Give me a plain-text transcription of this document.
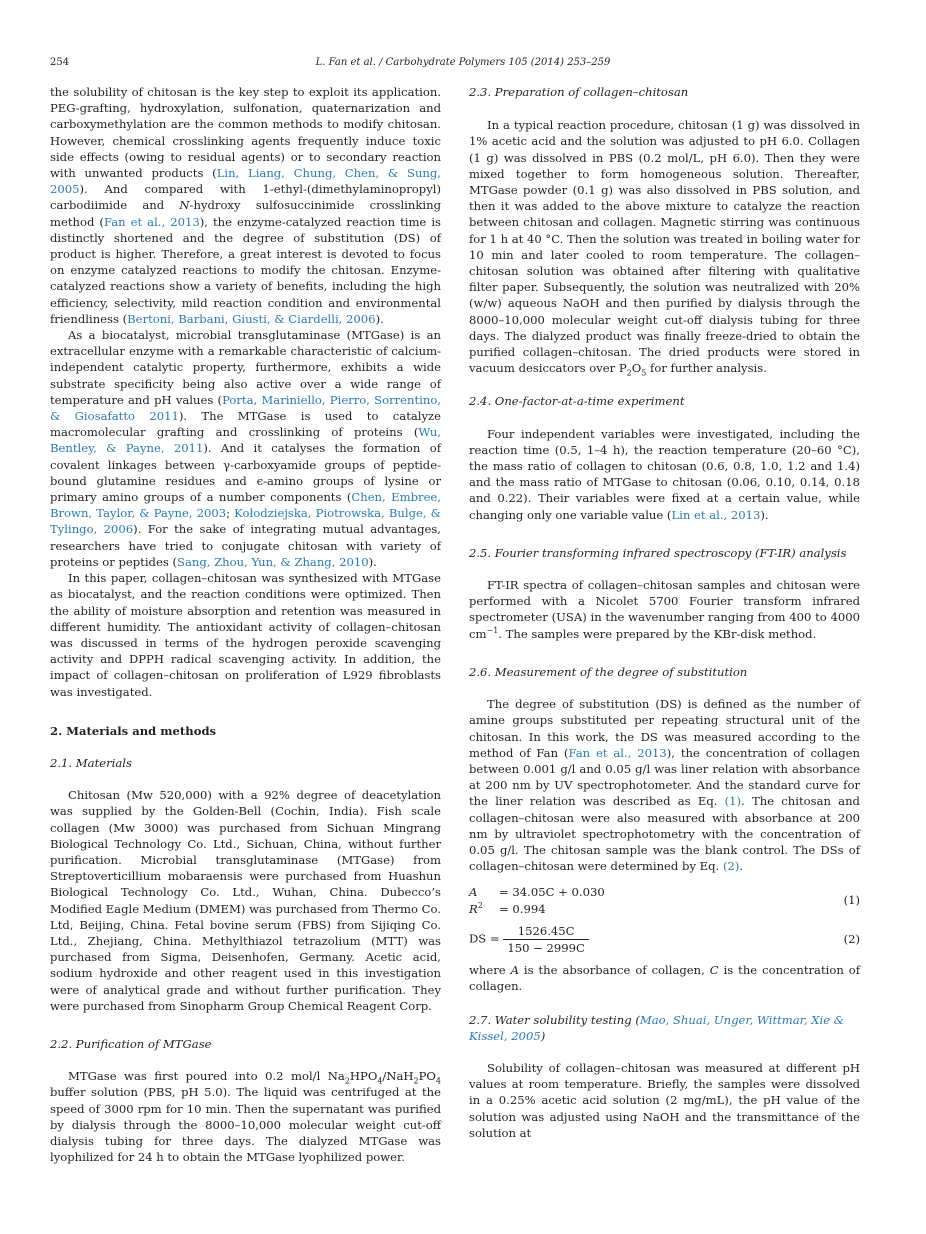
254	L. Fan et al. / Carbohydrate Polymers 105 (2014) 253–259

the solubility of chitosan is the key step to exploit its application. PEG-grafting, hydroxylation, sulfonation, quaternarization and carboxymethylation are the common methods to modify chitosan. However, chemical crosslinking agents frequently induce toxic side effects (owing to residual agents) or to secondary reaction with unwanted products (Lin, Liang, Chung, Chen, & Sung, 2005). And compared with 1-ethyl-(dimethylaminopropyl) carbodiimide and N-hydroxy sulfosuccinimide crosslinking method (Fan et al., 2013), the enzyme-catalyzed reaction time is distinctly shortened and the degree of substitution (DS) of product is higher. Therefore, a great interest is devoted to focus on enzyme catalyzed reactions to modify the chitosan. Enzyme-catalyzed reactions show a variety of benefits, including the high efficiency, selectivity, mild reaction condition and environmental friendliness (Bertoni, Barbani, Giusti, & Ciardelli, 2006).

As a biocatalyst, microbial transglutaminase (MTGase) is an extracellular enzyme with a remarkable characteristic of calcium-independent catalytic property, furthermore, exhibits a wide substrate specificity being also active over a wide range of temperature and pH values (Porta, Mariniello, Pierro, Sorrentino, & Giosafatto 2011). The MTGase is used to catalyze macromolecular grafting and crosslinking of proteins (Wu, Bentley, & Payne, 2011). And it catalyses the formation of covalent linkages between γ-carboxyamide groups of peptide-bound glutamine residues and ϵ-amino groups of lysine or primary amino groups of a number components (Chen, Embree, Brown, Taylor, & Payne, 2003; Kołodziejska, Piotrowska, Bulge, & Tylingo, 2006). For the sake of integrating mutual advantages, researchers have tried to conjugate chitosan with variety of proteins or peptides (Sang, Zhou, Yun, & Zhang, 2010).

In this paper, collagen–chitosan was synthesized with MTGase as biocatalyst, and the reaction conditions were optimized. Then the ability of moisture absorption and retention was measured in different humidity. The antioxidant activity of collagen–chitosan was discussed in terms of the hydrogen peroxide scavenging activity and DPPH radical scavenging activity. In addition, the impact of collagen–chitosan on proliferation of L929 fibroblasts was investigated.

2. Materials and methods
2.1. Materials

Chitosan (Mw 520,000) with a 92% degree of deacetylation was supplied by the Golden-Bell (Cochin, India). Fish scale collagen (Mw 3000) was purchased from Sichuan Mingrang Biological Technology Co. Ltd., Sichuan, China, without further purification. Microbial transglutaminase (MTGase) from Streptoverticillium mobaraensis were purchased from Huashun Biological Technology Co. Ltd., Wuhan, China. Dubecco’s Modified Eagle Medium (DMEM) was purchased from Thermo Co. Ltd, Beijing, China. Fetal bovine serum (FBS) from Sijiqing Co. Ltd., Zhejiang, China. Methylthiazol tetrazolium (MTT) was purchased from Sigma, Deisenhofen, Germany. Acetic acid, sodium hydroxide and other reagent used in this investigation were of analytical grade and without further purification. They were purchased from Sinopharm Group Chemical Reagent Corp.

2.2. Purification of MTGase

MTGase was first poured into 0.2 mol/l $Na_2HPO_4/NaH_2PO_4$ buffer solution (PBS, pH 5.0). The liquid was centrifuged at the speed of 3000 rpm for 10 min. Then the supernatant was purified by dialysis through the 8000–10,000 molecular weight cut-off dialysis tubing for three days. The dialyzed MTGase was lyophilized for 24 h to obtain the MTGase lyophilized power.

2.3. Preparation of collagen–chitosan

In a typical reaction procedure, chitosan (1 g) was dissolved in 1% acetic acid and the solution was adjusted to pH 6.0. Collagen (1 g) was dissolved in PBS (0.2 mol/L, pH 6.0). Then they were mixed together to form homogeneous solution. Thereafter, MTGase powder (0.1 g) was also dissolved in PBS solution, and then it was added to the above mixture to catalyze the reaction between chitosan and collagen. Magnetic stirring was continuous for 1 h at 40 °C. Then the solution was treated in boiling water for 10 min and later cooled to room temperature. The collagen–chitosan solution was obtained after filtering with qualitative filter paper. Subsequently, the solution was neutralized with 20% (w/w) aqueous NaOH and then purified by dialysis through the 8000–10,000 molecular weight cut-off dialysis tubing for three days. The dialyzed product was finally freeze-dried to obtain the purified collagen–chitosan. The dried products were stored in vacuum desiccators over $P_2O_5$ for further analysis.

2.4. One-factor-at-a-time experiment

Four independent variables were investigated, including the reaction time (0.5, 1–4 h), the reaction temperature (20–60 °C), the mass ratio of collagen to chitosan (0.6, 0.8, 1.0, 1.2 and 1.4) and the mass ratio of MTGase to chitosan (0.06, 0.10, 0.14, 0.18 and 0.22). Their variables were fixed at a certain value, while changing only one variable value (Lin et al., 2013).

2.5. Fourier transforming infrared spectroscopy (FT-IR) analysis

FT-IR spectra of collagen–chitosan samples and chitosan were performed with a Nicolet 5700 Fourier transform infrared spectrometer (USA) in the wavenumber ranging from 400 to 4000 $cm^{-1}$. The samples were prepared by the KBr-disk method.

2.6. Measurement of the degree of substitution

The degree of substitution (DS) is defined as the number of amine groups substituted per repeating structural unit of the chitosan. In this work, the DS was measured according to the method of Fan (Fan et al., 2013), the concentration of collagen between 0.001 g/l and 0.05 g/l was liner relation with absorbance at 200 nm by UV spectrophotometer. And the standard curve for the liner relation was described as Eq. (1). The chitosan and collagen–chitosan were also measured with absorbance at 200 nm by ultraviolet spectrophotometry with the concentration of 0.05 g/l. The chitosan sample was the blank control. The DSs of collagen–chitosan were determined by Eq. (2).

A	= 34.05C + 0.030	(1)
$R^2$	= 0.994	
DS = $\frac{1526.45C}{150 - 2999C}$	(2)

where A is the absorbance of collagen, C is the concentration of collagen.

2.7. Water solubility testing (Mao, Shuai, Unger, Wittmar, Xie & Kissel, 2005)

Solubility of collagen–chitosan was measured at different pH values at room temperature. Briefly, the samples were dissolved in a 0.25% acetic acid solution (2 mg/mL), the pH value of the solution was adjusted using NaOH and the transmittance of the solution at
